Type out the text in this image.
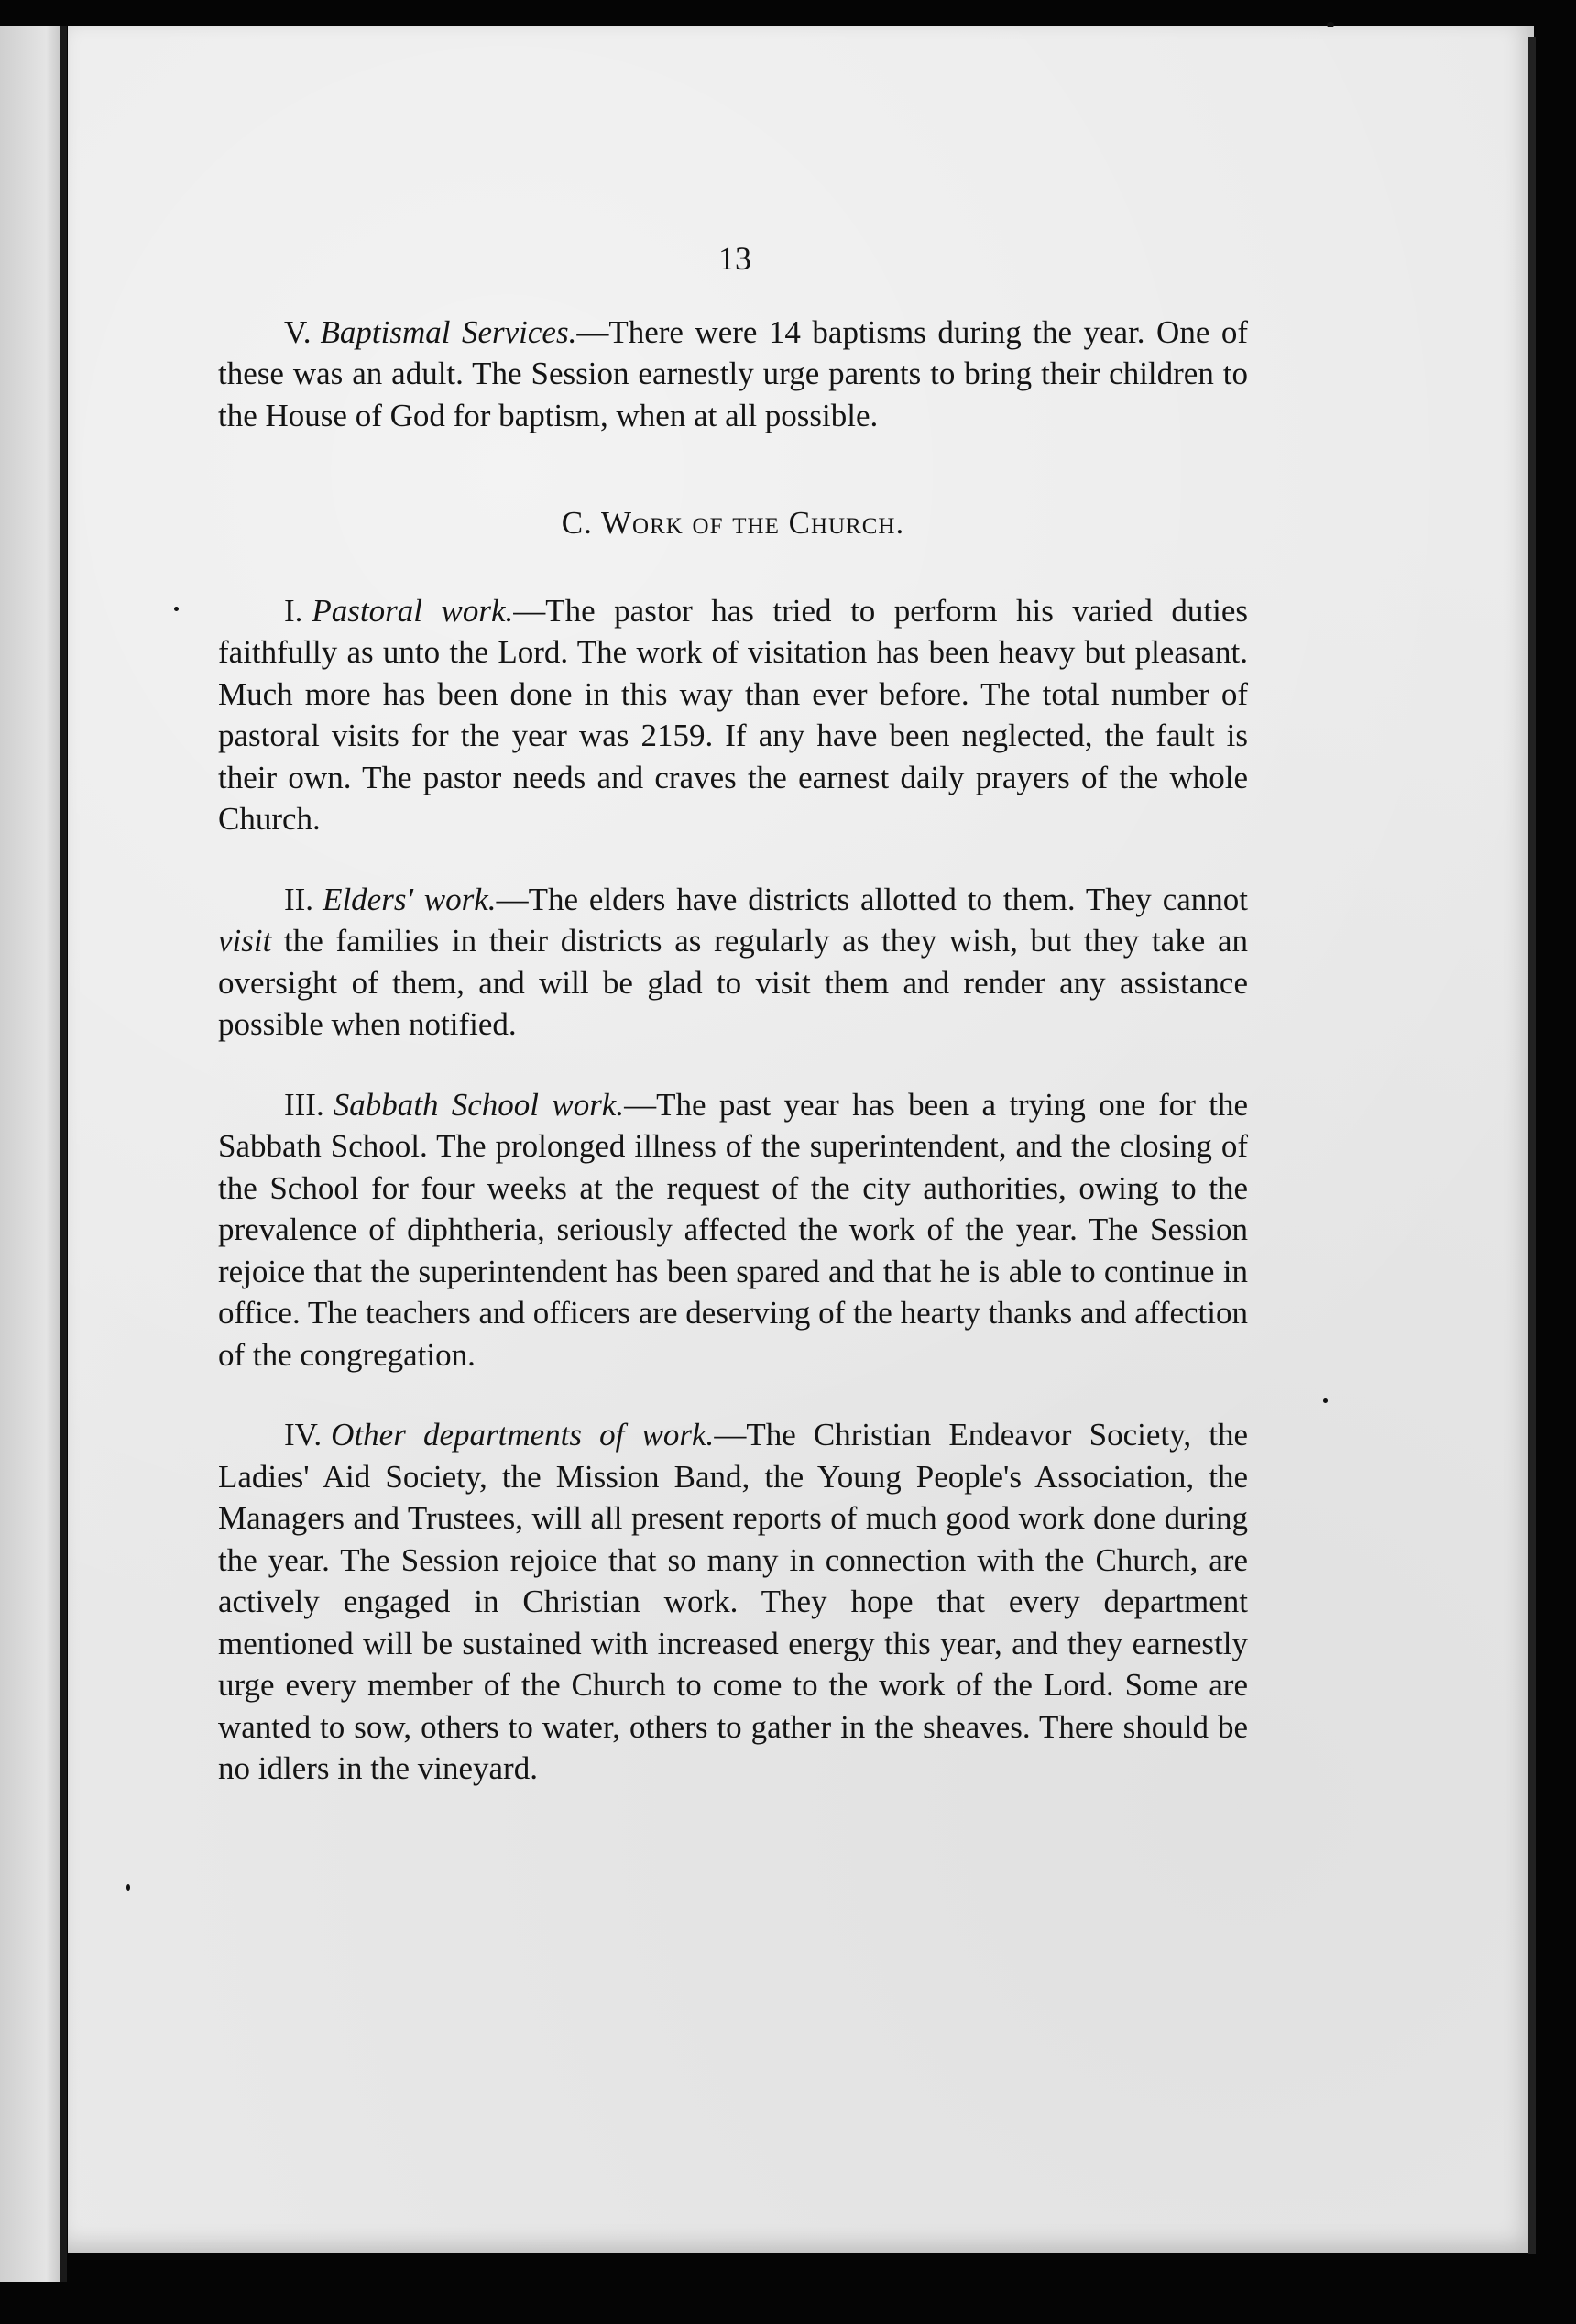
13

V. Baptismal Services.—There were 14 baptisms during the year. One of these was an adult. The Session earnestly urge parents to bring their children to the House of God for baptism, when at all possible.

C. Work of the Church.

I. Pastoral work.—The pastor has tried to perform his varied duties faithfully as unto the Lord. The work of visitation has been heavy but pleasant. Much more has been done in this way than ever before. The total number of pastoral visits for the year was 2159. If any have been neglected, the fault is their own. The pastor needs and craves the earnest daily prayers of the whole Church.

II. Elders' work.—The elders have districts allotted to them. They cannot visit the families in their districts as regularly as they wish, but they take an oversight of them, and will be glad to visit them and render any assistance possible when notified.

III. Sabbath School work.—The past year has been a trying one for the Sabbath School. The prolonged illness of the superintendent, and the closing of the School for four weeks at the request of the city authorities, owing to the prevalence of diphtheria, seriously affected the work of the year. The Session rejoice that the superintendent has been spared and that he is able to continue in office. The teachers and officers are deserving of the hearty thanks and affection of the congregation.

IV. Other departments of work.—The Christian Endeavor Society, the Ladies' Aid Society, the Mission Band, the Young People's Association, the Managers and Trustees, will all present reports of much good work done during the year. The Session rejoice that so many in connection with the Church, are actively engaged in Christian work. They hope that every department mentioned will be sustained with increased energy this year, and they earnestly urge every member of the Church to come to the work of the Lord. Some are wanted to sow, others to water, others to gather in the sheaves. There should be no idlers in the vineyard.
